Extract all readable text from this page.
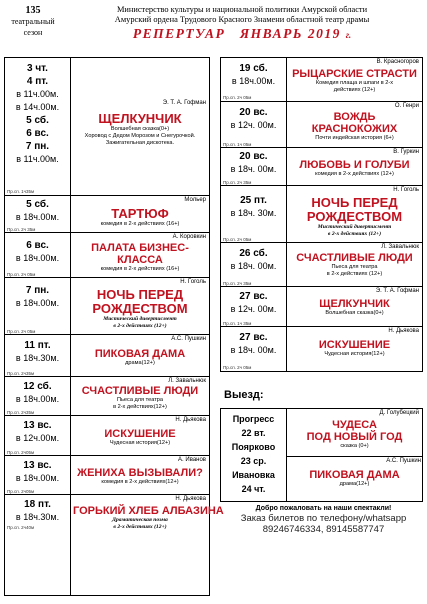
135
театральный
сезон
Министерство культуры и национальной политики Амурской области
Амурский ордена Трудового Красного Знамени областной театр драмы
РЕПЕРТУАР ЯНВАРЬ 2019 г.
3 чт.
4 пт.
в 11ч.00м.
в 14ч.00м.
5 сб.
6 вс.
7 пн.
в 11ч.00м.
Пр.сп. 1ч35м
Э. Т. А. Гофман
ЩЕЛКУНЧИК
Волшебная сказка(0+)
Хоровод с Дедом Морозом и Снегурочкой.
Зажигательная дискотека.
5 сб.
в 18ч.00м.
Пр.сп. 2ч 35м
Мольер
ТАРТЮФ
комедия в 2-х действиях (16+)
6 вс.
в 18ч.00м.
Пр.сп. 2ч 05м
А. Коровкин
ПАЛАТА БИЗНЕС-
КЛАССА
комедия в 2-х действиях (16+)
7 пн.
в 18ч.00м.
Пр.сп. 2ч 05м
Н. Гоголь
НОЧЬ ПЕРЕД
РОЖДЕСТВОМ
Мистический дивертисмент
в 2-х действиях (12+)
11 пт.
в 18ч.30м.
Пр.сп. 2ч35м
А.С. Пушкин
ПИКОВАЯ ДАМА
драма(12+)
12 сб.
в 18ч.00м.
Пр.сп. 2ч35м
Л. Завальнюк
СЧАСТЛИВЫЕ ЛЮДИ
Пьеса для театра
в 2-х действиях(12+)
13 вс.
в 12ч.00м.
Пр.сп. 2ч05м
Н. Дьякова
ИСКУШЕНИЕ
Чудесная история(12+)
13 вс.
в 18ч.00м.
Пр.сп. 2ч05м
А. Иванов
ЖЕНИХА ВЫЗЫВАЛИ?
комедия в 2-х действиях(12+)
18 пт.
в 18ч.30м.
Пр.сп. 2ч40м
Н. Дьякова
ГОРЬКИЙ ХЛЕБ АЛБАЗИНА
Драматическая поэма
в 2-х действиях (12+)
19 сб.
в 18ч.00м.
Пр.сп. 2ч 05м
В. Красногоров
РЫЦАРСКИЕ СТРАСТИ
Комедия плаща и шпаги в 2-х
действиях (12+)
20 вс.
в 12ч. 00м.
Пр.сп. 1ч 05м
О. Генри
ВОЖДЬ
КРАСНОКОЖИХ
Почти индейская история (6+)
20 вс.
в 18ч. 00м.
Пр.сп. 2ч 35м
В. Гуркин
ЛЮБОВЬ И ГОЛУБИ
комедия в 2-х действиях (12+)
25 пт.
в 18ч. 30м.
Пр.сп. 2ч 05м
Н. Гоголь
НОЧЬ ПЕРЕД
РОЖДЕСТВОМ
Мистический дивертисмент
в 2-х действиях (12+)
26 сб.
в 18ч. 00м.
Пр.сп. 2ч 35м
Л. Завальнюк
СЧАСТЛИВЫЕ ЛЮДИ
Пьеса для театра
в 2-х действиях (12+)
27 вс.
в 12ч. 00м.
Пр.сп. 1ч 35м
Э. Т. А. Гофман
ЩЕЛКУНЧИК
Волшебная сказка(0+)
27 вс.
в 18ч. 00м.
Пр.сп. 2ч 05м
Н. Дьякова
ИСКУШЕНИЕ
Чудесная история(12+)
Выезд:
Прогресс
22 вт.
Поярково
23 ср.
Ивановка
24 чт.
Д. Голубецкий
ЧУДЕСА
ПОД НОВЫЙ ГОД
сказка (0+)
А.С. Пушкин
ПИКОВАЯ ДАМА
драма(12+)
Добро пожаловать на наши спектакли!
Заказ билетов по телефону/whatsapp
89246746334, 89145587747
